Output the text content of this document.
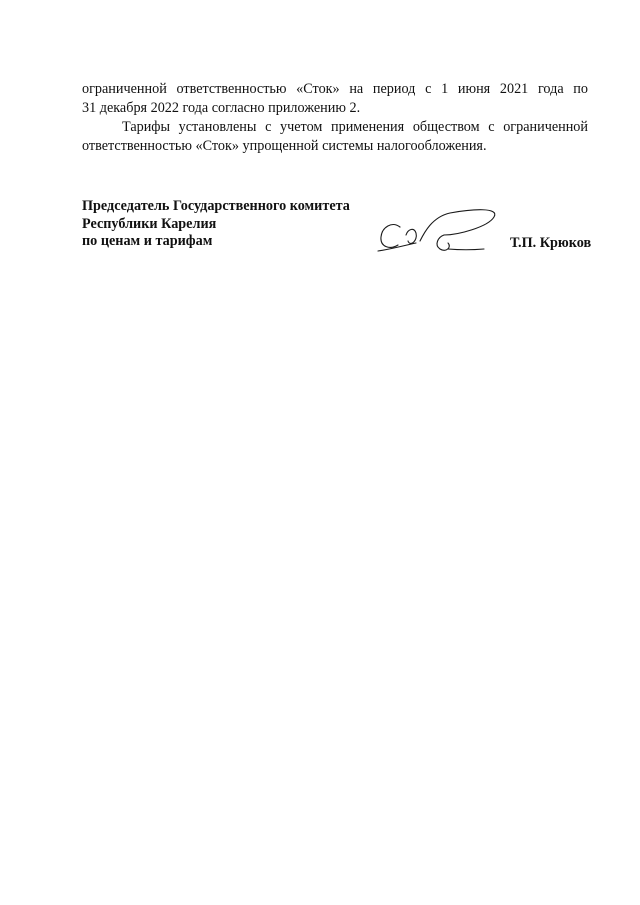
ограниченной ответственностью «Сток» на период с 1 июня 2021 года по
31 декабря 2022 года согласно приложению 2.

Тарифы установлены с учетом применения обществом с ограниченной
ответственностью «Сток» упрощенной системы налогообложения.

Председатель Государственного комитета
Республики Карелия
по ценам и тарифам	Т.П. Крюков
